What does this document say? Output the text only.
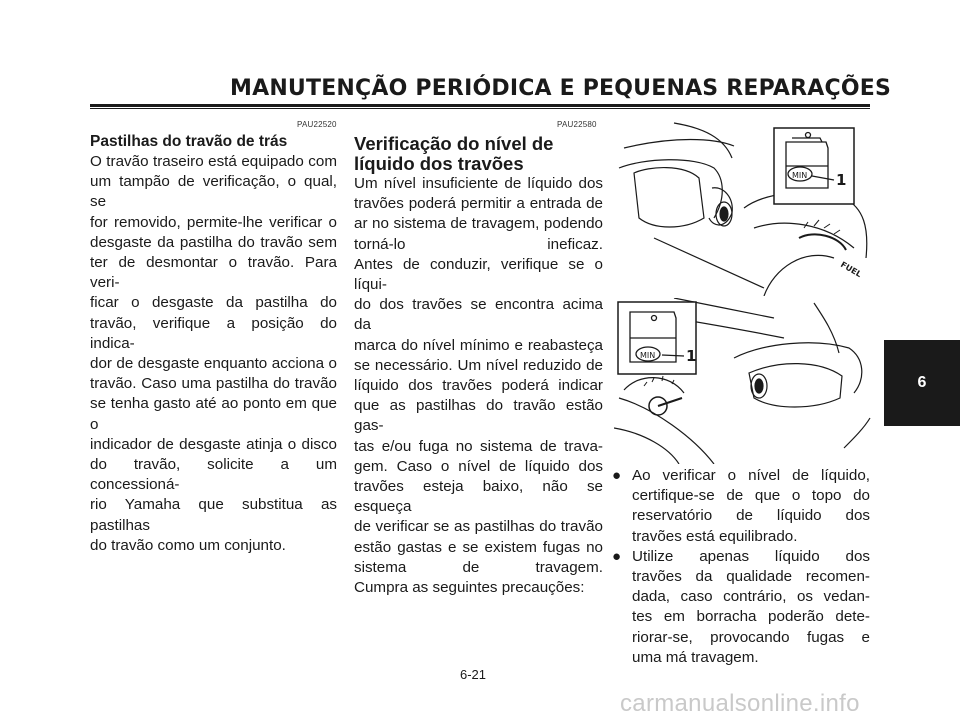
MANUTENÇÃO PERIÓDICA E PEQUENAS REPARAÇÕES
PAU22520

Pastilhas do travão de trás

O travão traseiro está equipado com

um tampão de verificação, o qual, se

for removido, permite-lhe verificar o

desgaste da pastilha do travão sem

ter de desmontar o travão. Para veri-

ficar o desgaste da pastilha do

travão, verifique a posição do indica-

dor de desgaste enquanto acciona o

travão. Caso uma pastilha do travão

se tenha gasto até ao ponto em que o

indicador de desgaste atinja o disco

do travão, solicite a um concessioná-

rio Yamaha que substitua as pastilhas

do travão como um conjunto.

PAU22580

Verificação do nível de

líquido dos travões

Um nível insuficiente de líquido dos

travões poderá permitir a entrada de

ar no sistema de travagem, podendo

torná-lo ineficaz.

Antes de conduzir, verifique se o líqui-

do dos travões se encontra acima da

marca do nível mínimo e reabasteça

se necessário. Um nível reduzido de

líquido dos travões poderá indicar

que as pastilhas do travão estão gas-

tas e/ou fuga no sistema de trava-

gem. Caso o nível de líquido dos

travões esteja baixo, não se esqueça

de verificar se as pastilhas do travão

estão gastas e se existem fugas no

sistema de travagem.

Cumpra as seguintes precauções:

FUEL
MIN 1
MIN 1
● Ao verificar o nível de líquido,
certifique-se de que o topo do
reservatório de líquido dos
travões está equilibrado.
● Utilize apenas líquido dos
travões da qualidade recomen-
dada, caso contrário, os vedan-
tes em borracha poderão dete-
riorar-se, provocando fugas e
uma má travagem.
6
6-21
carmanualsonline.info
